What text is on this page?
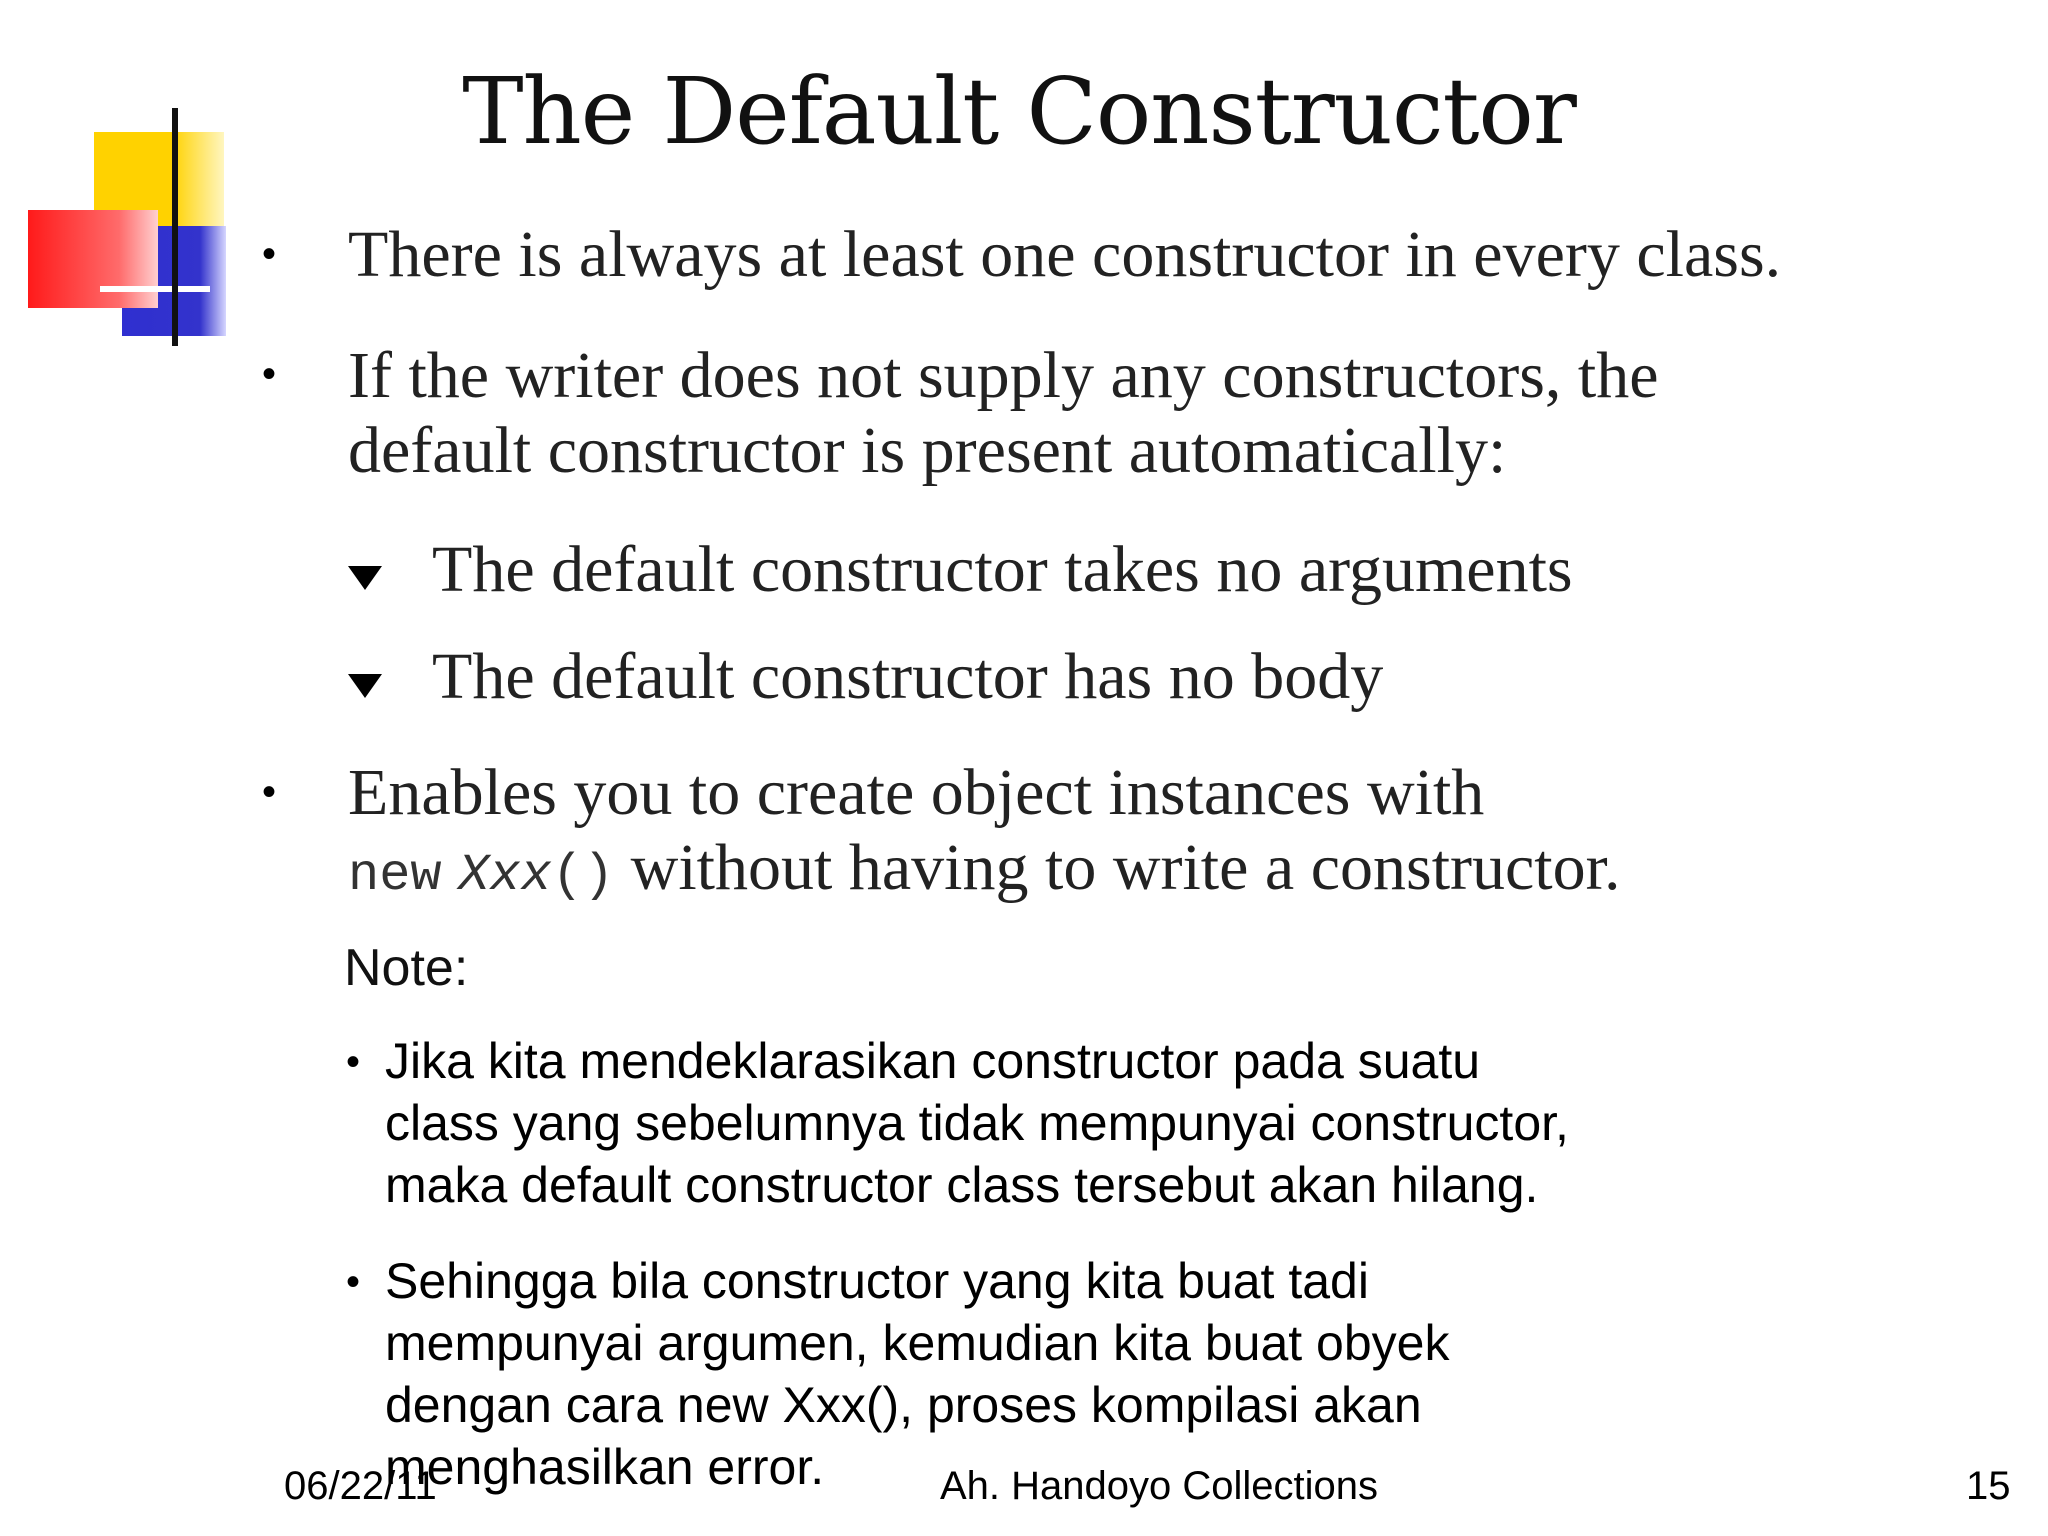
The Default Constructor
• There is always at least one constructor in every class.
• If the writer does not supply any constructors, the
default constructor is present automatically:
The default constructor takes no arguments
The default constructor has no body
• Enables you to create object instances with
new Xxx() without having to write a constructor.
Note:
• Jika kita mendeklarasikan constructor pada suatu
class yang sebelumnya tidak mempunyai constructor,
maka default constructor class tersebut akan hilang.
• Sehingga bila constructor yang kita buat tadi
mempunyai argumen, kemudian kita buat obyek
dengan cara new Xxx(), proses kompilasi akan
menghasilkan error.
06/22/11	Ah. Handoyo Collections	15
